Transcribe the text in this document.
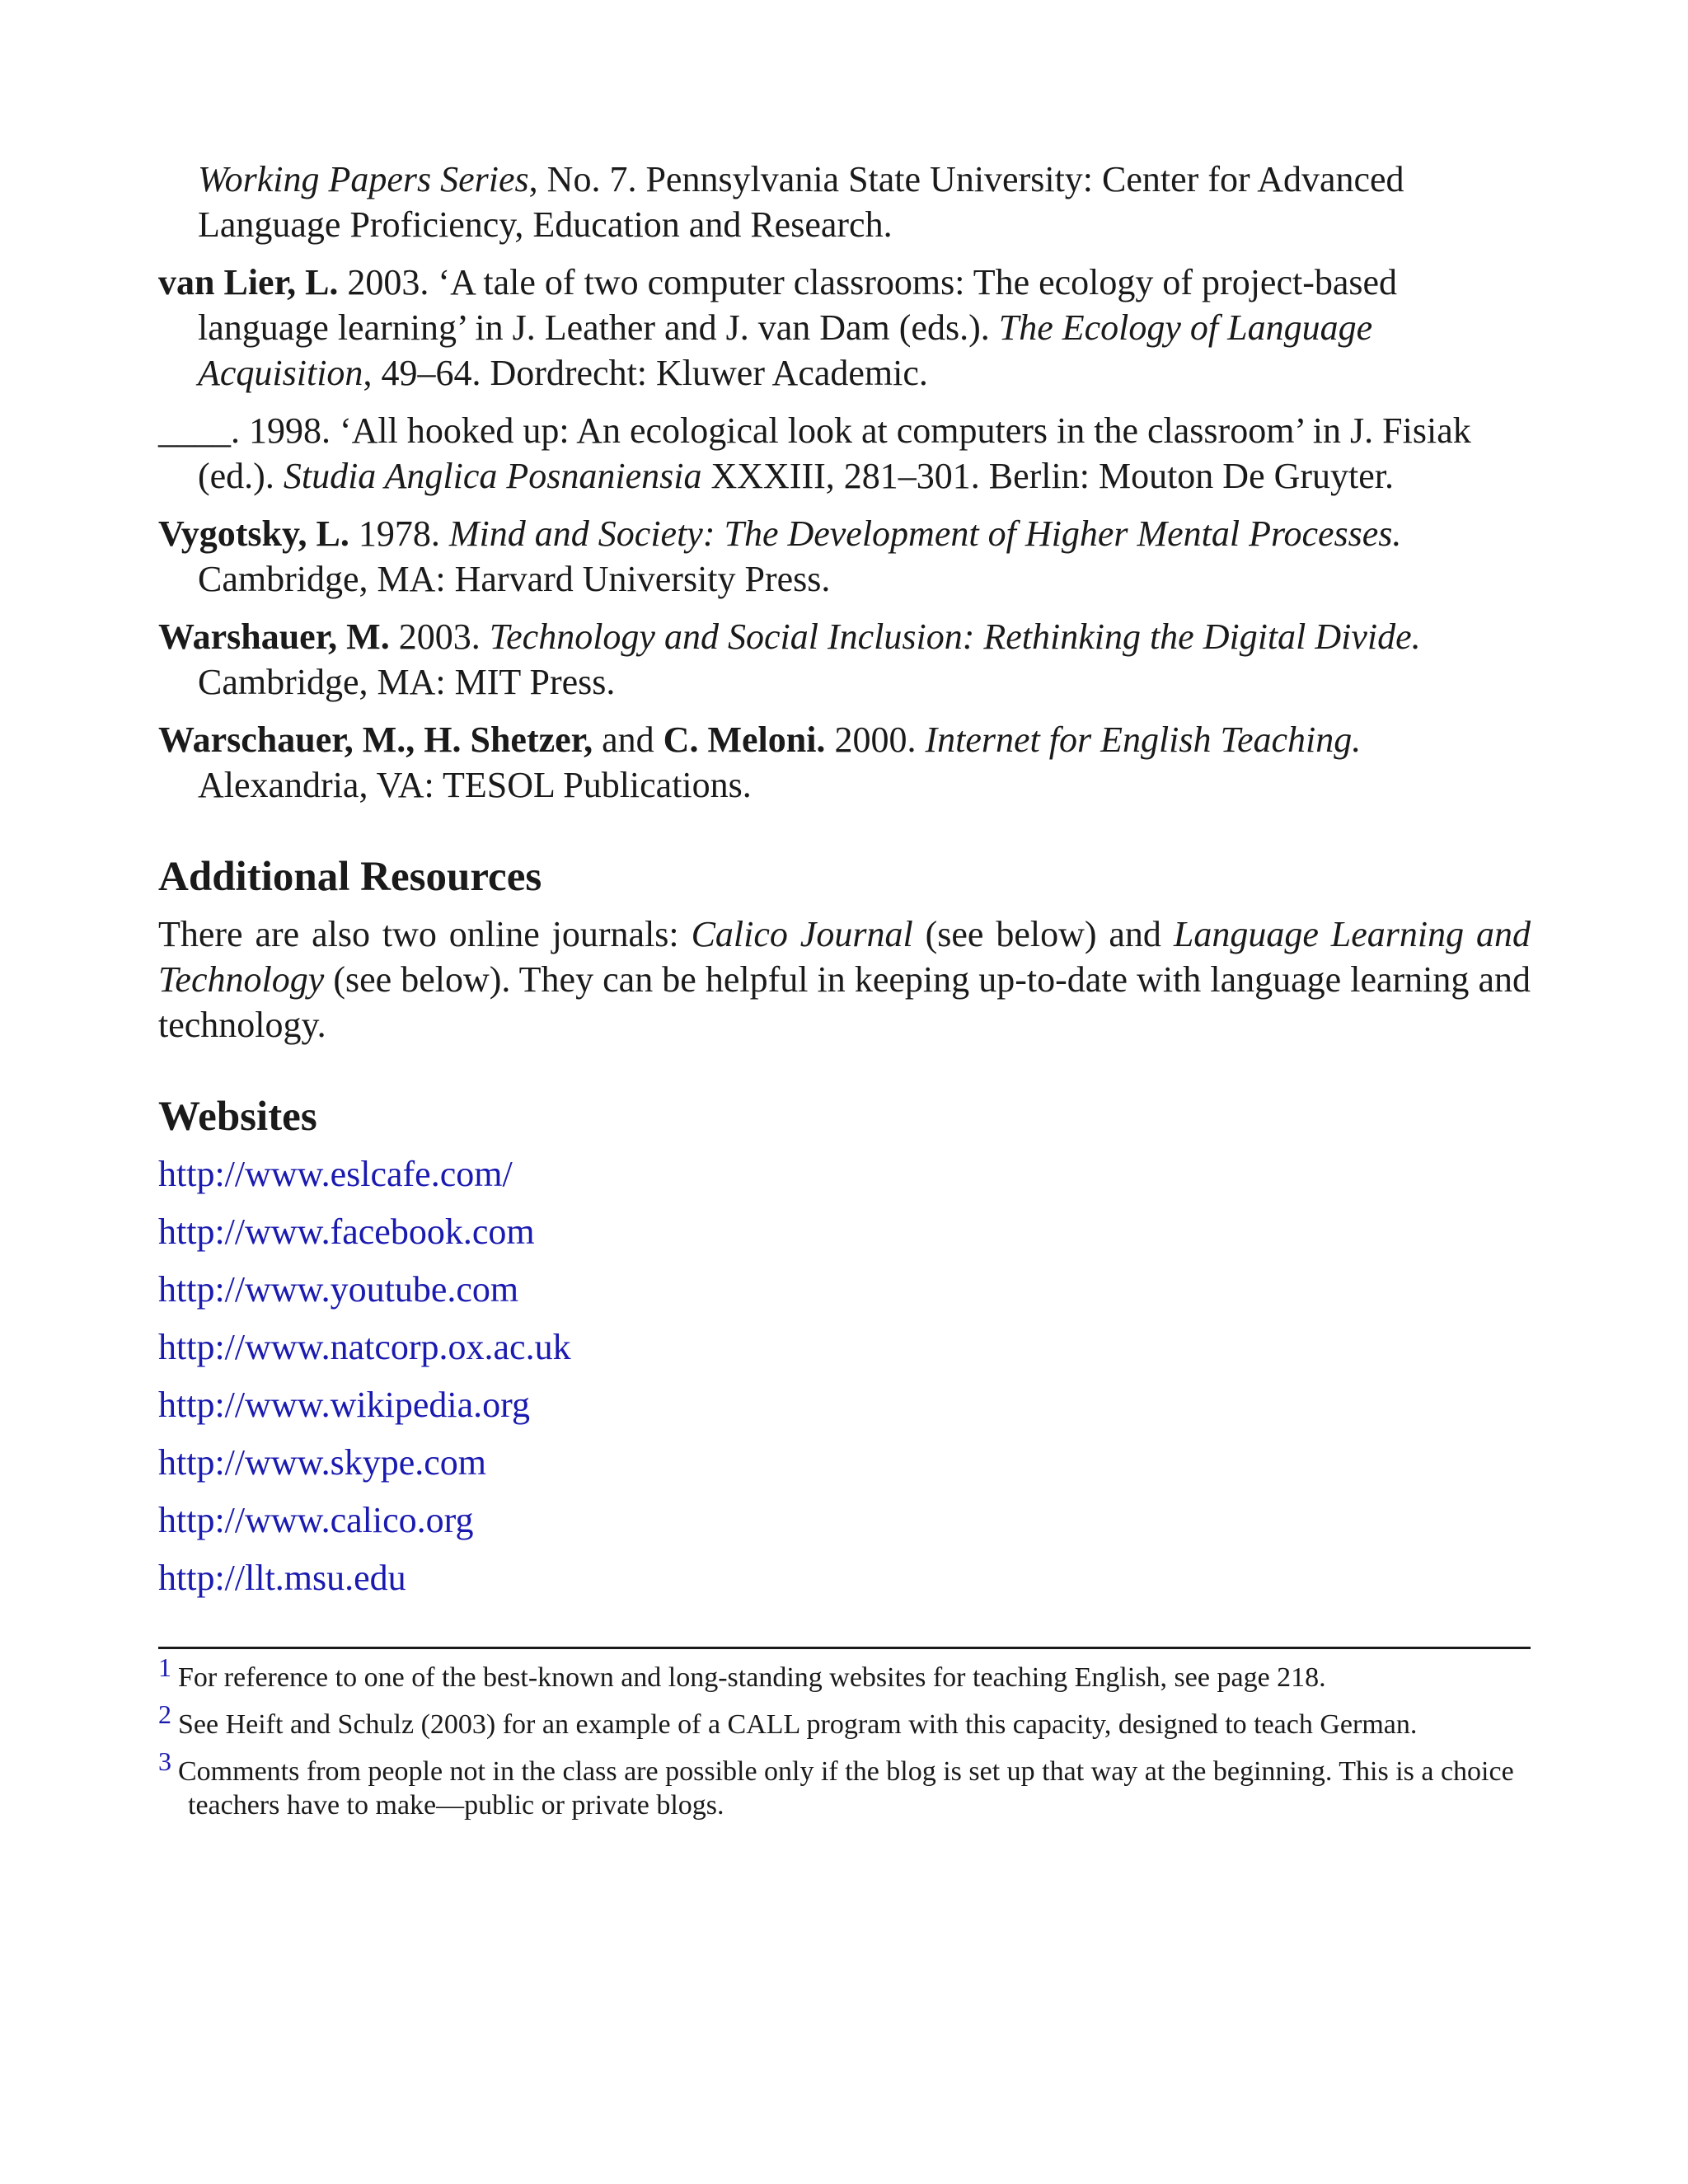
Working Papers Series, No. 7. Pennsylvania State University: Center for Advanced Language Proficiency, Education and Research.

van Lier, L. 2003. ‘A tale of two computer classrooms: The ecology of project-based language learning’ in J. Leather and J. van Dam (eds.). The Ecology of Language Acquisition, 49–64. Dordrecht: Kluwer Academic.

____. 1998. ‘All hooked up: An ecological look at computers in the classroom’ in J. Fisiak (ed.). Studia Anglica Posnaniensia XXXIII, 281–301. Berlin: Mouton De Gruyter.

Vygotsky, L. 1978. Mind and Society: The Development of Higher Mental Processes. Cambridge, MA: Harvard University Press.

Warshauer, M. 2003. Technology and Social Inclusion: Rethinking the Digital Divide. Cambridge, MA: MIT Press.

Warschauer, M., H. Shetzer, and C. Meloni. 2000. Internet for English Teaching. Alexandria, VA: TESOL Publications.

Additional Resources

There are also two online journals: Calico Journal (see below) and Language Learning and Technology (see below). They can be helpful in keeping up-to-date with language learning and technology.

Websites
http://www.eslcafe.com/
http://www.facebook.com
http://www.youtube.com
http://www.natcorp.ox.ac.uk
http://www.wikipedia.org
http://www.skype.com
http://www.calico.org
http://llt.msu.edu

$^1$ For reference to one of the best-known and long-standing websites for teaching English, see page 218.

$^2$ See Heift and Schulz (2003) for an example of a CALL program with this capacity, designed to teach German.

$^3$ Comments from people not in the class are possible only if the blog is set up that way at the beginning. This is a choice teachers have to make—public or private blogs.
